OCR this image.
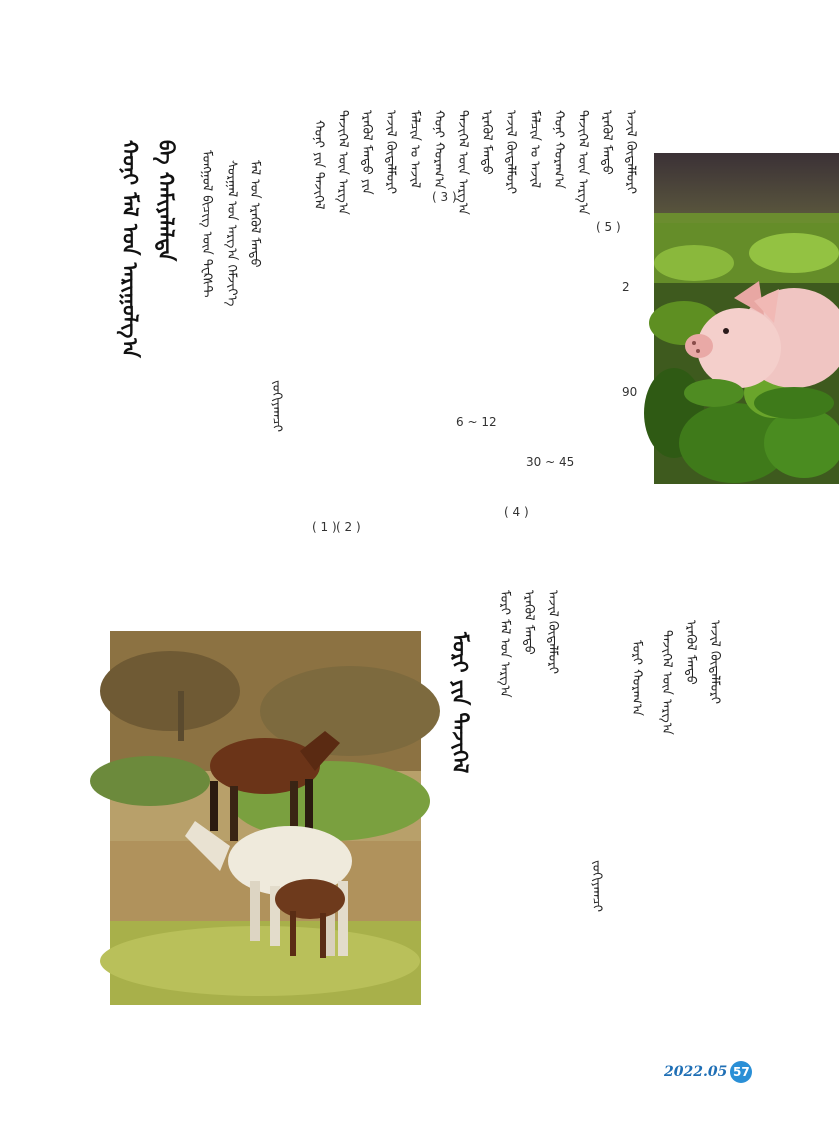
ᠬᠣᠨᠢ ᠮᠠᠯ ᠤᠨ ᠠᠷᠢᠭᠤᠯᠭ᠎ᠠ ᠪᠠ ᠬᠠᠮᠢᠶᠠᠯᠠᠯᠲᠠ	ᠮᠣᠩᠭᠣᠯ ᠪᠢᠴᠢᠭ᠌ ᠦᠨ ᠲᠸᠺᠰᠲ ᠰᠤᠷᠭᠠᠯ ᠤᠨ ᠠᠷᠭ᠎ᠠ ᠬᠡᠮᠵᠢᠶ᠎ᠡ ᠮᠠᠯ ᠤᠨ ᠡᠷᠡᠭᠦᠯ ᠮᠡᠨᠳᠦ
ᠵᠣᠬᠢᠶᠠᠭᠴᠢ
ᠬᠣᠨᠢ ᠶᠢᠨ ᠲᠡᠵᠢᠭᠡᠯ ᠲᠡᠵᠢᠭᠡᠯ ᠦᠨ ᠠᠷᠭ᠎ᠠ ᠡᠷᠡᠭᠦᠯ ᠮᠡᠨᠳᠦ ᠶᠢᠨ ᠠᠵᠢᠯ ᠬᠥᠳᠡᠯᠮᠦᠷᠢ ᠮᠠᠯᠴᠢᠨ ᠤ ᠠᠵᠢᠯ ᠬᠣᠨᠢ ᠬᠤᠷᠠᠭ᠎ᠠ ᠲᠡᠵᠢᠭᠡᠯ ᠦᠨ ᠠᠷᠭ᠎ᠠ ᠡᠷᠡᠭᠦᠯ ᠮᠡᠨᠳᠦ ᠠᠵᠢᠯ ᠬᠥᠳᠡᠯᠮᠦᠷᠢ ᠮᠠᠯᠴᠢᠨ ᠤ ᠠᠵᠢᠯ ᠬᠣᠨᠢ ᠬᠤᠷᠠᠭ᠎ᠠ ᠲᠡᠵᠢᠭᠡᠯ ᠦᠨ ᠠᠷᠭ᠎ᠠ ᠡᠷᠡᠭᠦᠯ ᠮᠡᠨᠳᠦ ᠠᠵᠢᠯ ᠬᠥᠳᠡᠯᠮᠦᠷᠢ
( 5 )
2
90
30 ~ 45
( 4 )
6 ~ 12
( 3 )
( 2 )
( 1 )
ᠮᠣᠷᠢ ᠶᠢᠨ ᠲᠡᠵᠢᠭᠡᠯ	ᠮᠣᠷᠢ ᠮᠠᠯ ᠤᠨ ᠠᠷᠭ᠎ᠠ ᠡᠷᠡᠭᠦᠯ ᠮᠡᠨᠳᠦ ᠠᠵᠢᠯ ᠬᠥᠳᠡᠯᠮᠦᠷᠢ
ᠵᠣᠬᠢᠶᠠᠭᠴᠢ
ᠮᠣᠷᠢ ᠬᠤᠷᠠᠭ᠎ᠠ ᠲᠡᠵᠢᠭᠡᠯ ᠦᠨ ᠠᠷᠭ᠎ᠠ ᠡᠷᠡᠭᠦᠯ ᠮᠡᠨᠳᠦ ᠠᠵᠢᠯ ᠬᠥᠳᠡᠯᠮᠦᠷᠢ
2022.05 57
